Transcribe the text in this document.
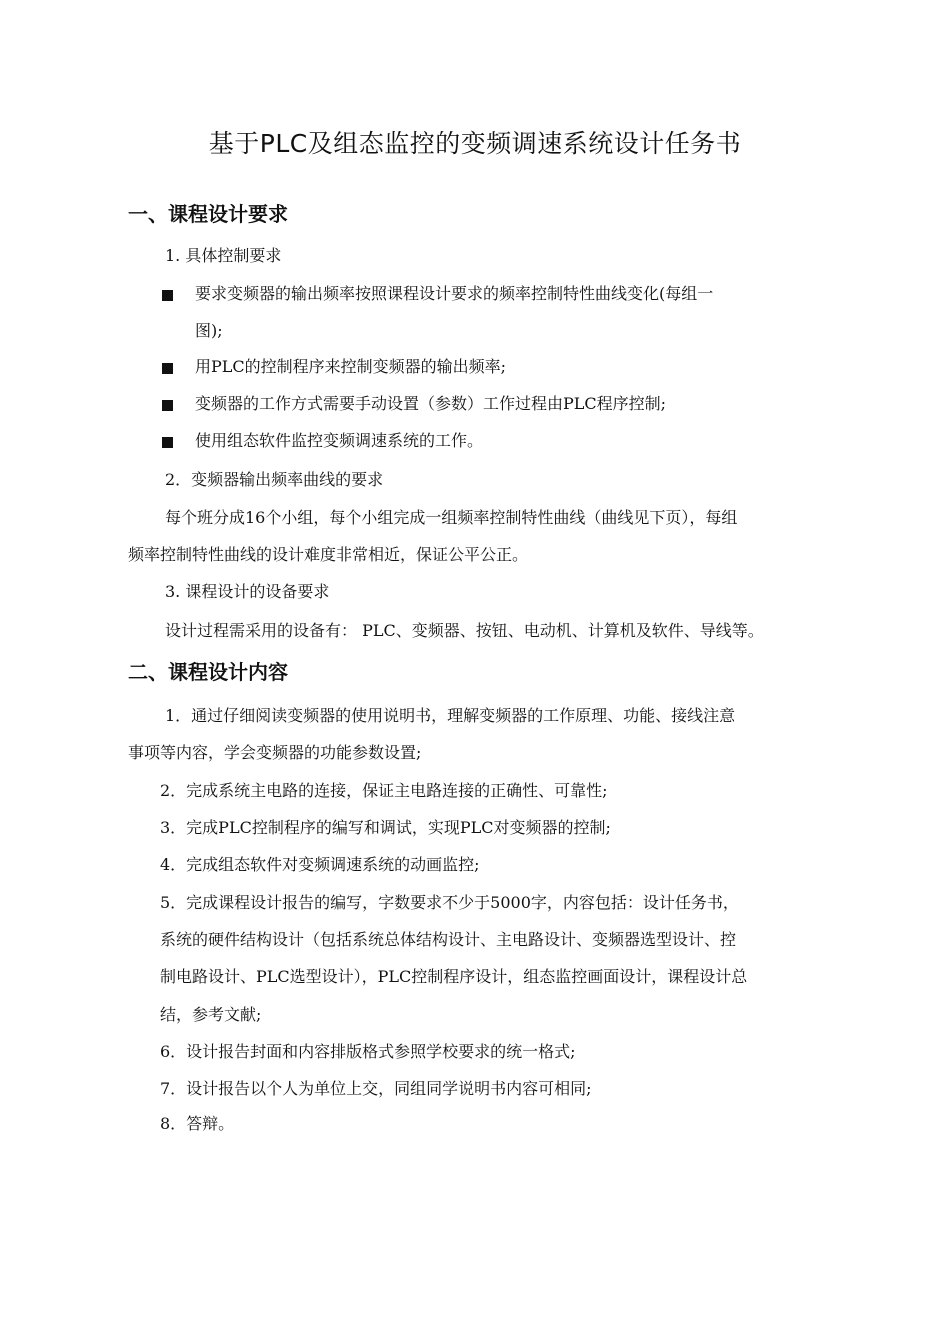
基于PLC及组态监控的变频调速系统设计任务书
一、课程设计要求

1. 具体控制要求

要求变频器的输出频率按照课程设计要求的频率控制特性曲线变化(每组一

图);

用PLC的控制程序来控制变频器的输出频率;

变频器的工作方式需要手动设置（参数）工作过程由PLC程序控制;

使用组态软件监控变频调速系统的工作。

2．变频器输出频率曲线的要求

每个班分成16个小组，每个小组完成一组频率控制特性曲线（曲线见下页），每组

频率控制特性曲线的设计难度非常相近，保证公平公正。

3. 课程设计的设备要求

设计过程需采用的设备有： PLC、变频器、按钮、电动机、计算机及软件、导线等。

二、课程设计内容

1．通过仔细阅读变频器的使用说明书，理解变频器的工作原理、功能、接线注意

事项等内容，学会变频器的功能参数设置;

2．完成系统主电路的连接，保证主电路连接的正确性、可靠性;

3．完成PLC控制程序的编写和调试，实现PLC对变频器的控制;

4．完成组态软件对变频调速系统的动画监控;

5．完成课程设计报告的编写，字数要求不少于5000字，内容包括：设计任务书，

系统的硬件结构设计（包括系统总体结构设计、主电路设计、变频器选型设计、控

制电路设计、PLC选型设计），PLC控制程序设计，组态监控画面设计，课程设计总

结，参考文献;

6．设计报告封面和内容排版格式参照学校要求的统一格式;

7．设计报告以个人为单位上交，同组同学说明书内容可相同;

8．答辩。
